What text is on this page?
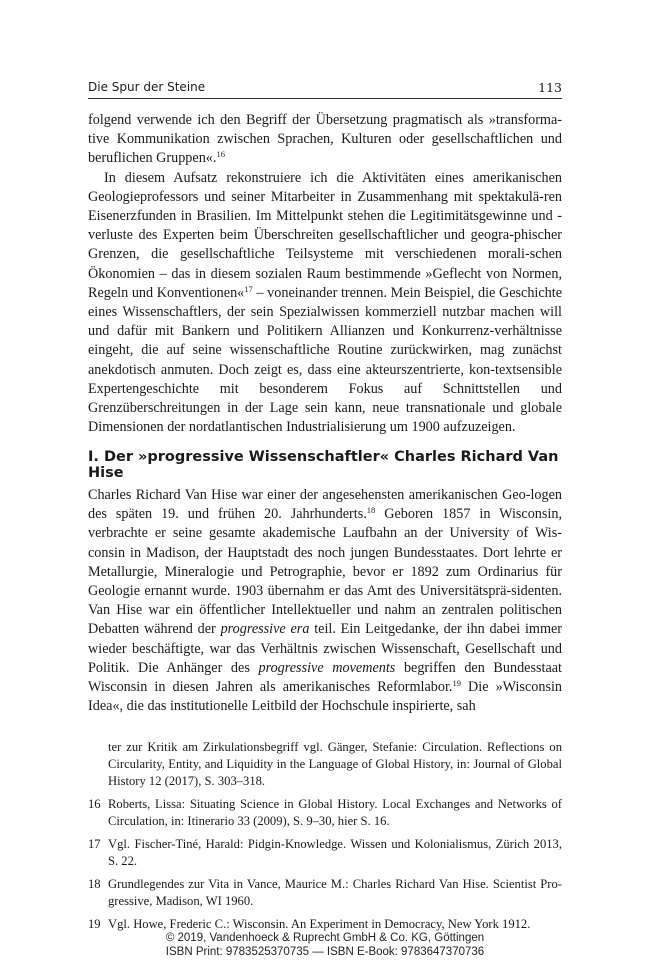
Die Spur der Steine	113

folgend verwende ich den Begriff der Übersetzung pragmatisch als »transforma-tive Kommunikation zwischen Sprachen, Kulturen oder gesellschaftlichen und beruflichen Gruppen«.$^{16}$

In diesem Aufsatz rekonstruiere ich die Aktivitäten eines amerikanischen Geologieprofessors und seiner Mitarbeiter in Zusammenhang mit spektakulä-ren Eisenerzfunden in Brasilien. Im Mittelpunkt stehen die Legitimitätsgewinne und -verluste des Experten beim Überschreiten gesellschaftlicher und geogra-phischer Grenzen, die gesellschaftliche Teilsysteme mit verschiedenen morali-schen Ökonomien – das in diesem sozialen Raum bestimmende »Geflecht von Normen, Regeln und Konventionen«$^{17}$ – voneinander trennen. Mein Beispiel, die Geschichte eines Wissenschaftlers, der sein Spezialwissen kommerziell nutzbar machen will und dafür mit Bankern und Politikern Allianzen und Konkurrenz-verhältnisse eingeht, die auf seine wissenschaftliche Routine zurückwirken, mag zunächst anekdotisch anmuten. Doch zeigt es, dass eine akteurszentrierte, kon-textsensible Expertengeschichte mit besonderem Fokus auf Schnittstellen und Grenzüberschreitungen in der Lage sein kann, neue transnationale und globale Dimensionen der nordatlantischen Industrialisierung um 1900 aufzuzeigen.

I. Der »progressive Wissenschaftler« Charles Richard Van Hise

Charles Richard Van Hise war einer der angesehensten amerikanischen Geo-logen des späten 19. und frühen 20. Jahrhunderts.$^{18}$ Geboren 1857 in Wisconsin, verbrachte er seine gesamte akademische Laufbahn an der University of Wis-consin in Madison, der Hauptstadt des noch jungen Bundesstaates. Dort lehrte er Metallurgie, Mineralogie und Petrographie, bevor er 1892 zum Ordinarius für Geologie ernannt wurde. 1903 übernahm er das Amt des Universitätsprä-sidenten. Van Hise war ein öffentlicher Intellektueller und nahm an zentralen politischen Debatten während der progressive era teil. Ein Leitgedanke, der ihn dabei immer wieder beschäftigte, war das Verhältnis zwischen Wissenschaft, Gesellschaft und Politik. Die Anhänger des progressive movements begriffen den Bundesstaat Wisconsin in diesen Jahren als amerikanisches Reformlabor.$^{19}$ Die »Wisconsin Idea«, die das institutionelle Leitbild der Hochschule inspirierte, sah

ter zur Kritik am Zirkulationsbegriff vgl. Gänger, Stefanie: Circulation. Reflections on Circularity, Entity, and Liquidity in the Language of Global History, in: Journal of Global History 12 (2017), S. 303–318.
16 Roberts, Lissa: Situating Science in Global History. Local Exchanges and Networks of Circulation, in: Itinerario 33 (2009), S. 9–30, hier S. 16.
17 Vgl. Fischer-Tiné, Harald: Pidgin-Knowledge. Wissen und Kolonialismus, Zürich 2013, S. 22.
18 Grundlegendes zur Vita in Vance, Maurice M.: Charles Richard Van Hise. Scientist Pro-gressive, Madison, WI 1960.
19 Vgl. Howe, Frederic C.: Wisconsin. An Experiment in Democracy, New York 1912.
© 2019, Vandenhoeck & Ruprecht GmbH & Co. KG, Göttingen
ISBN Print: 9783525370735 — ISBN E-Book: 9783647370736
